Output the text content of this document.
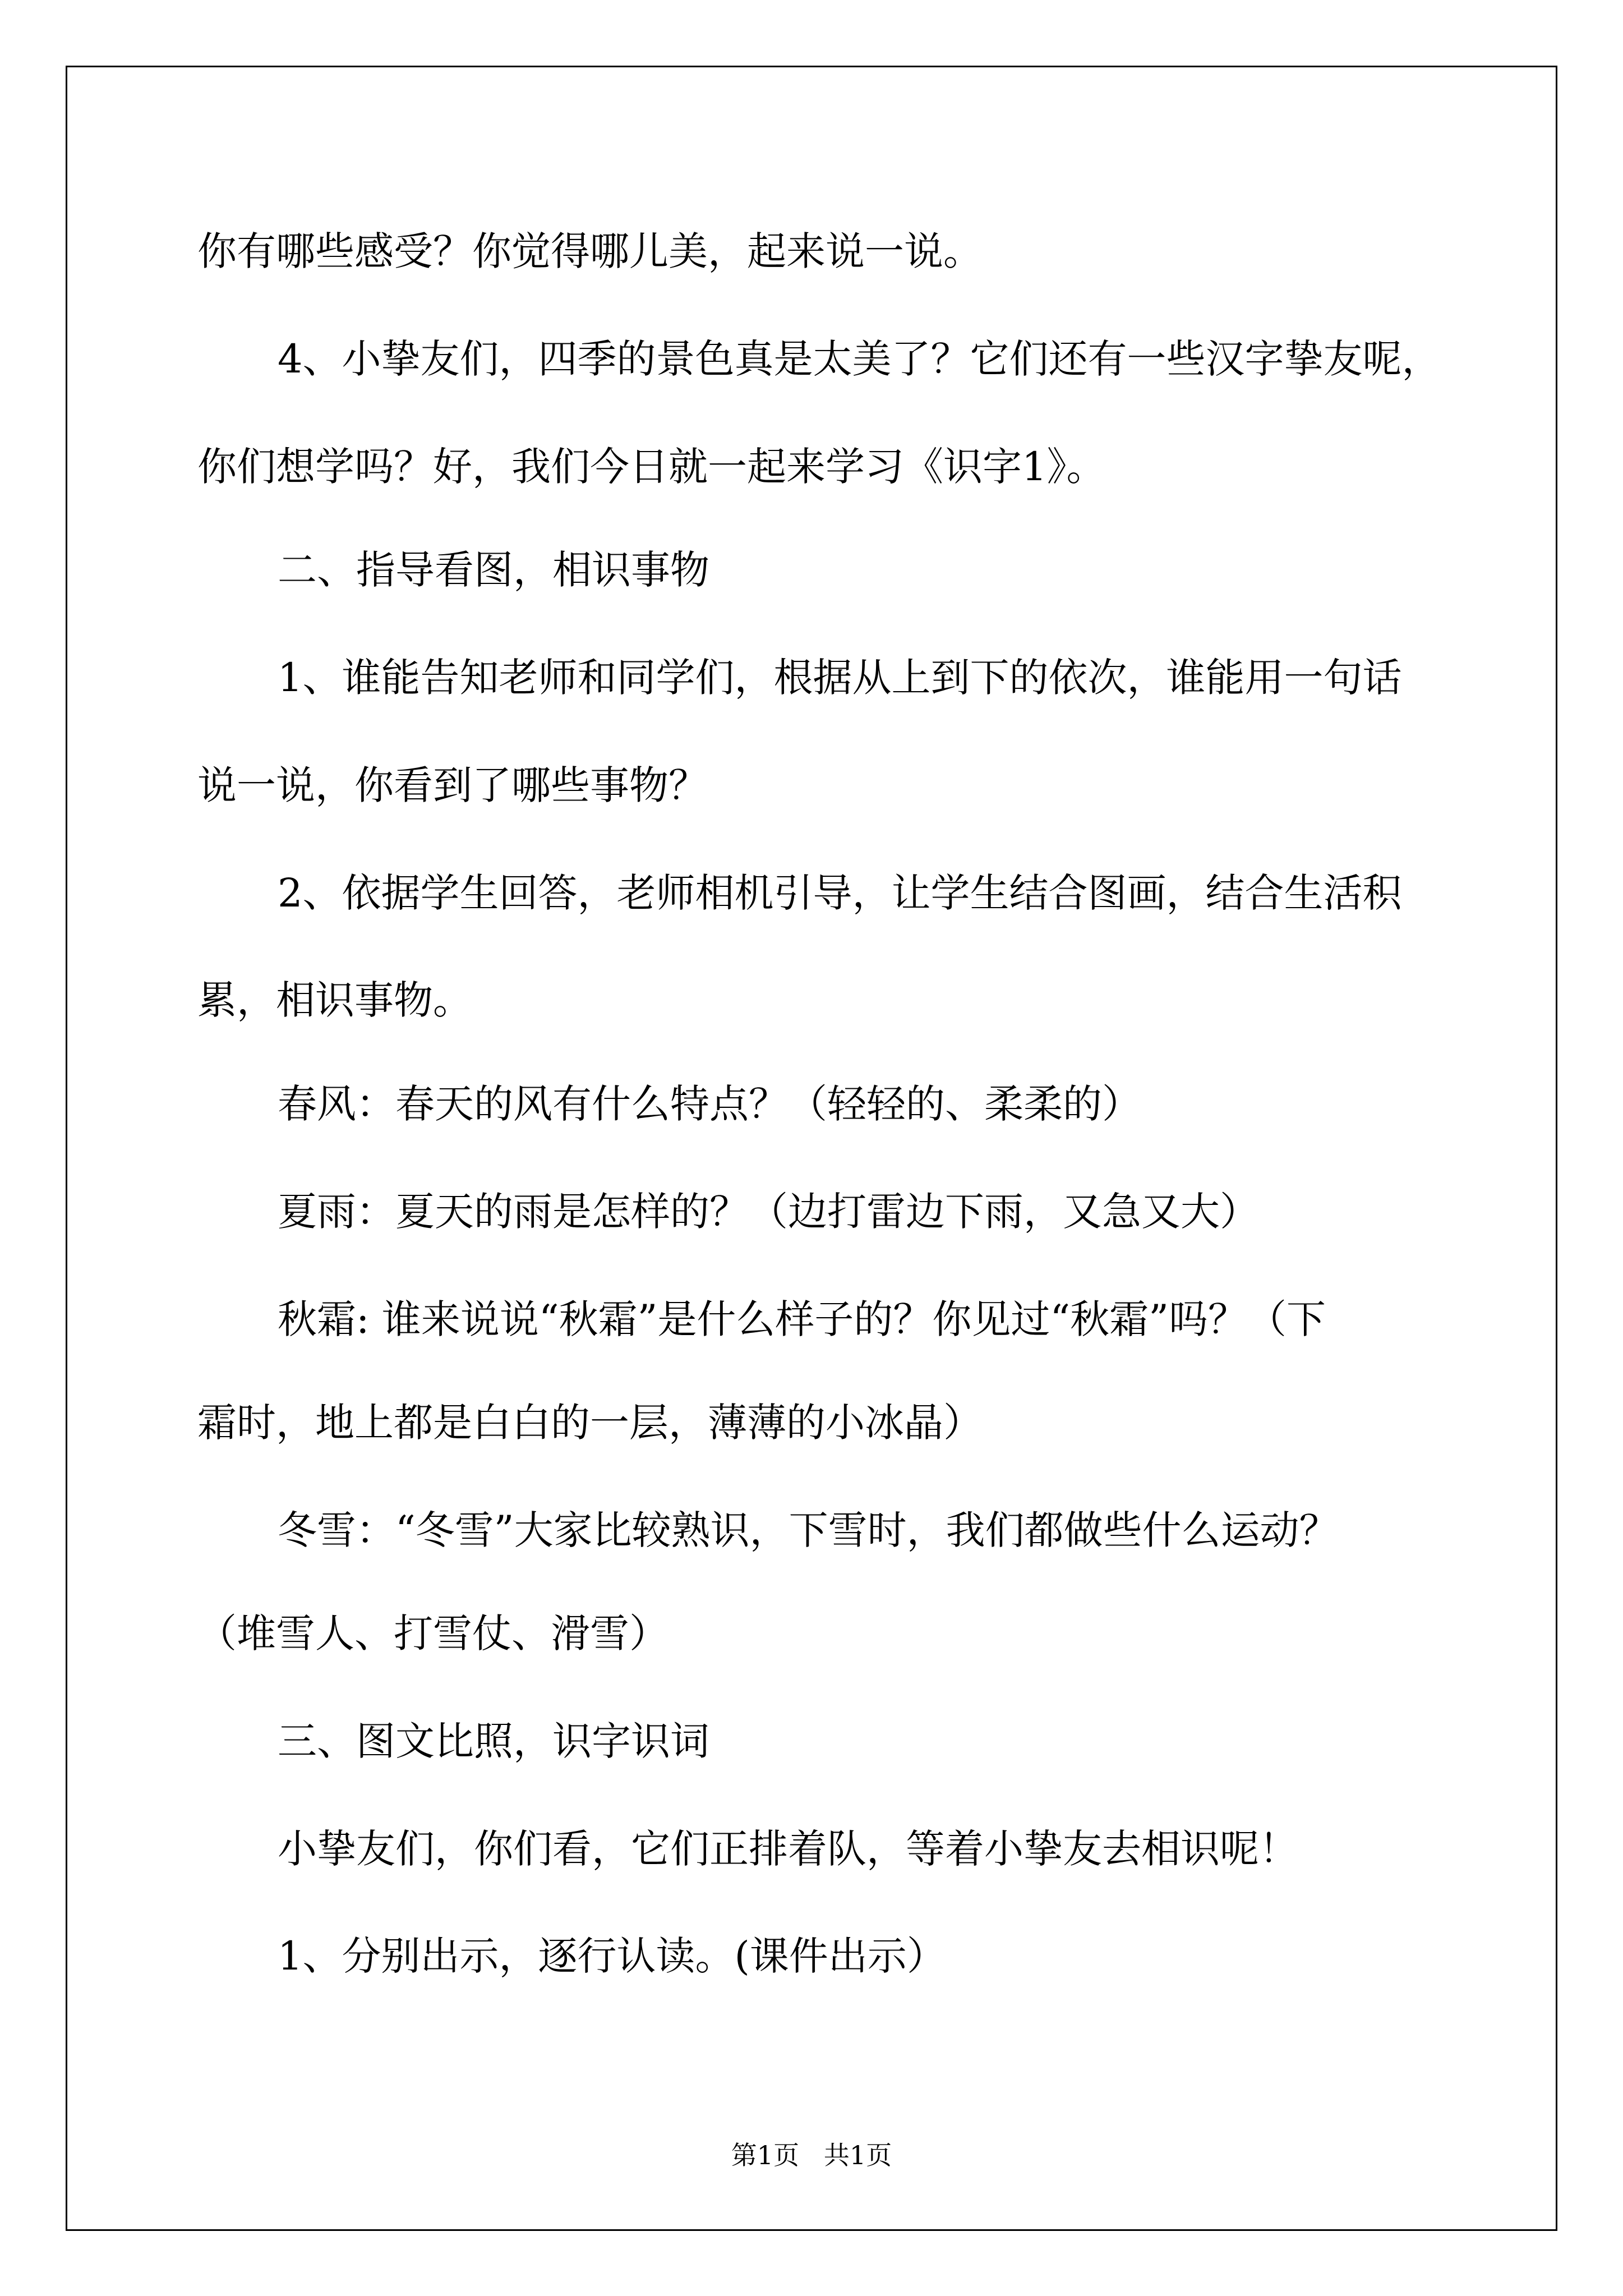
你有哪些感受？你觉得哪儿美，起来说一说。

4、小挚友们，四季的景色真是太美了？它们还有一些汉字挚友呢，

你们想学吗？好，我们今日就一起来学习《识字1》。

二、指导看图，相识事物

1、谁能告知老师和同学们，根据从上到下的依次，谁能用一句话

说一说，你看到了哪些事物？

2、依据学生回答，老师相机引导，让学生结合图画，结合生活积

累，相识事物。

春风：春天的风有什么特点？（轻轻的、柔柔的）

夏雨：夏天的雨是怎样的？（边打雷边下雨，又急又大）

秋霜: 谁来说说“秋霜”是什么样子的？你见过“秋霜”吗？（下

霜时，地上都是白白的一层，薄薄的小冰晶）

冬雪：“冬雪”大家比较熟识，下雪时，我们都做些什么运动？

（堆雪人、打雪仗、滑雪）

三、图文比照，识字识词

小挚友们，你们看，它们正排着队，等着小挚友去相识呢！

1、分别出示，逐行认读。(课件出示）

第1页   共1页
